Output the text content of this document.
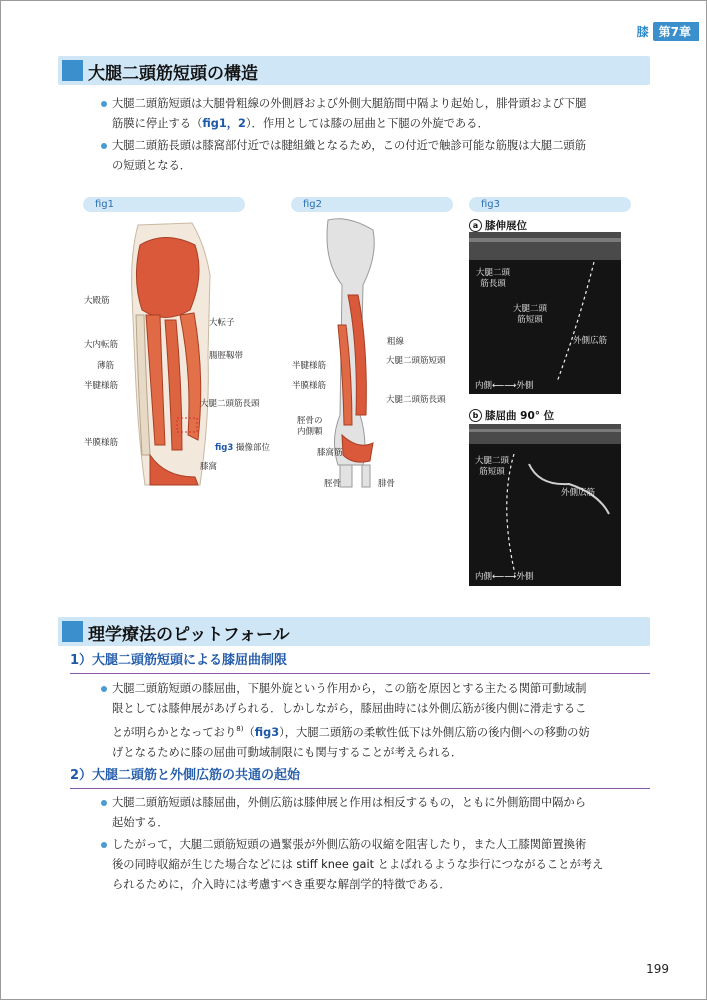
膝 第7章
大腿二頭筋短頭の構造
大腿二頭筋短頭は大腿骨粗線の外側唇および外側大腿筋間中隔より起始し，腓骨頭および下腿
筋膜に停止する（fig1，2）．作用としては膝の屈曲と下腿の外旋である．
大腿二頭筋長頭は膝窩部付近では腱組織となるため，この付近で触診可能な筋腹は大腿二頭筋
の短頭となる．
fig1
大殿筋
大転子
大内転筋
腸脛靱帯
薄筋
半腱様筋
大腿二頭筋長頭
半膜様筋	fig3 撮像部位
膝窩
fig2
粗線
大腿二頭筋短頭
半腱様筋
半膜様筋
大腿二頭筋長頭
脛骨の
内側顆
膝窩筋
脛骨	腓骨
fig3
a 膝伸展位
大腿二頭
筋長頭
大腿二頭
筋短頭
外側広筋
内側⟵⟶外側
b 膝屈曲 90° 位
大腿二頭
筋短頭
外側広筋
内側⟵⟶外側
理学療法のピットフォール
1）大腿二頭筋短頭による膝屈曲制限
大腿二頭筋短頭の膝屈曲，下腿外旋という作用から，この筋を原因とする主たる関節可動域制
限としては膝伸展があげられる．しかしながら，膝屈曲時には外側広筋が後内側に滑走するこ
とが明らかとなっており$^{8)}$（fig3），大腿二頭筋の柔軟性低下は外側広筋の後内側への移動の妨
げとなるために膝の屈曲可動域制限にも関与することが考えられる．
2）大腿二頭筋と外側広筋の共通の起始
大腿二頭筋短頭は膝屈曲，外側広筋は膝伸展と作用は相反するもの，ともに外側筋間中隔から
起始する．
したがって，大腿二頭筋短頭の過緊張が外側広筋の収縮を阻害したり，また人工膝関節置換術
後の同時収縮が生じた場合などには stiff knee gait とよばれるような歩行につながることが考え
られるために，介入時には考慮すべき重要な解剖学的特徴である．
199
